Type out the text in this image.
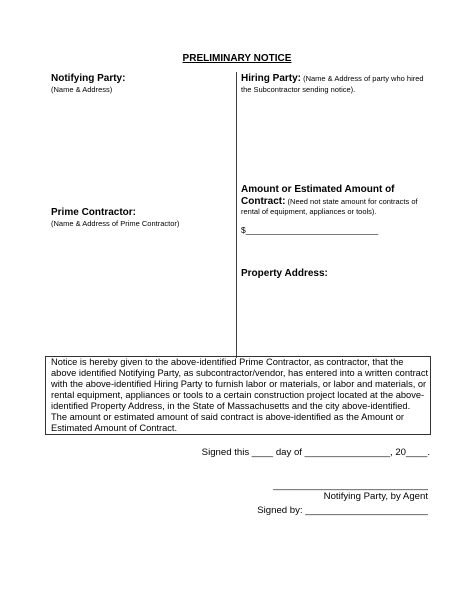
PRELIMINARY NOTICE
Notifying Party:
(Name & Address)
Prime Contractor:
(Name & Address of Prime Contractor)
Hiring Party: (Name & Address of party who hired
the Subcontractor sending notice).
Amount or Estimated Amount of
Contract: (Need not state amount for contracts of
rental of equipment, appliances or tools).
$____________________________
Property Address:
Notice is hereby given to the above-identified Prime Contractor, as contractor, that the
above identified Notifying Party, as subcontractor/vendor, has entered into a written contract
with the above-identified Hiring Party to furnish labor or materials, or labor and materials, or
rental equipment, appliances or tools to a certain construction project located at the above-
identified Property Address, in the State of Massachusetts and the city above-identified.
The amount or estimated amount of said contract is above-identified as the Amount or
Estimated Amount of Contract.
Signed this ____ day of ________________, 20____.
_____________________________
Notifying Party, by Agent
Signed by: _______________________
